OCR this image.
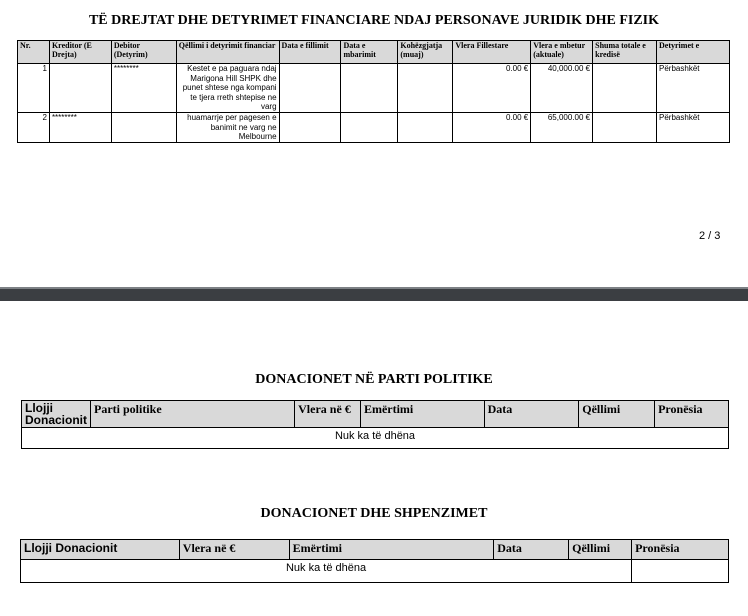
TË DREJTAT DHE DETYRIMET FINANCIARE NDAJ PERSONAVE JURIDIK DHE FIZIK
Nr.	Kreditor (E Drejta)	Debitor (Detyrim)	Qëllimi i detyrimit financiar	Data e fillimit	Data e mbarimit	Kohëzgjatja (muaj)	Vlera Fillestare	Vlera e mbetur (aktuale)	Shuma totale e kredisë	Detyrimet e
1		********	Kestet e pa paguara ndaj Marigona Hill SHPK dhe punet shtese nga kompani te tjera rreth shtepise ne varg				0.00 €	40,000.00 €		Përbashkët
2	********		huamarrje per pagesen e banimit ne varg ne Melbourne				0.00 €	65,000.00 €		Përbashkët
2 / 3
DONACIONET NË PARTI POLITIKE
Llojji Donacionit	Parti politike	Vlera në €	Emërtimi	Data	Qëllimi	Pronësia
Nuk ka të dhëna
DONACIONET DHE SHPENZIMET
Llojji Donacionit	Vlera në €	Emërtimi	Data	Qëllimi	Pronësia
Nuk ka të dhëna					
